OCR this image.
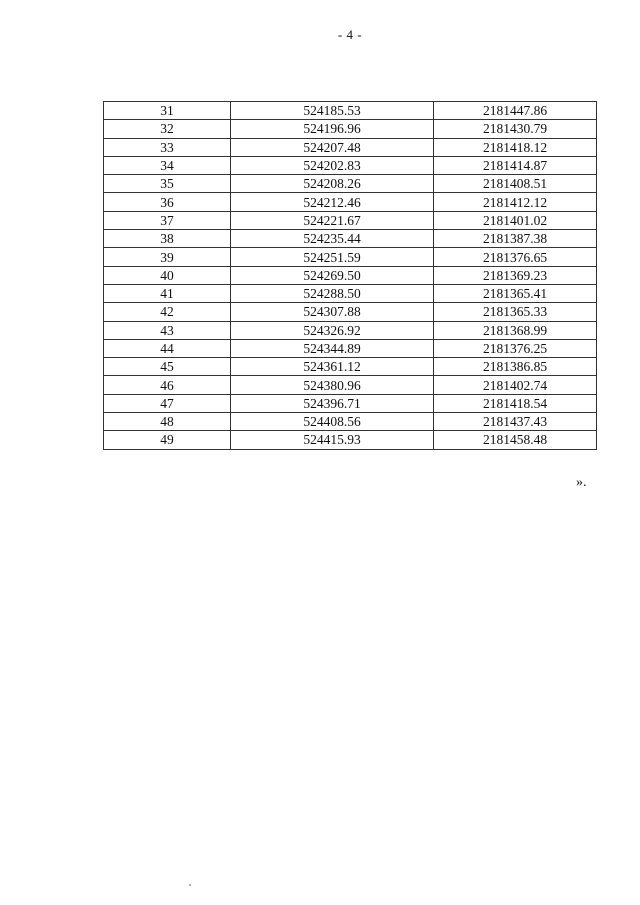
- 4 -
31	524185.53	2181447.86
32	524196.96	2181430.79
33	524207.48	2181418.12
34	524202.83	2181414.87
35	524208.26	2181408.51
36	524212.46	2181412.12
37	524221.67	2181401.02
38	524235.44	2181387.38
39	524251.59	2181376.65
40	524269.50	2181369.23
41	524288.50	2181365.41
42	524307.88	2181365.33
43	524326.92	2181368.99
44	524344.89	2181376.25
45	524361.12	2181386.85
46	524380.96	2181402.74
47	524396.71	2181418.54
48	524408.56	2181437.43
49	524415.93	2181458.48
».
